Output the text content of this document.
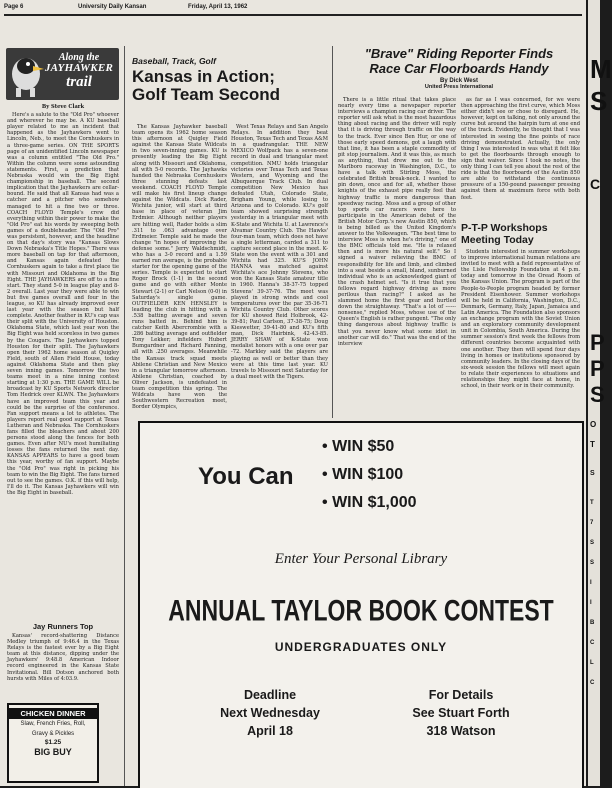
Page 6	University Daily Kansan	Friday, April 13, 1962
Along the
JAYHAWKER
trail
By Steve Clark

Here's a salute to the "Old Pro" whoever and wherever he may be. A KU baseball player related to me an incident that happened as the Jayhawkers went to Lincoln, Neb., to meet the Cornhuskers in a three-game series. ON THE SPORTS page of an unidentified Lincoln newspaper was a column entitled "The Old Pro." Within the column were some astounding statements. First, a prediction that Nebraska would win the Big Eight championship in baseball. The second implication that the Jayhawkers are cellar-bound. He said that all Kansas had was a catcher and a pitcher who somehow managed to hit a fine two or three. COACH FLOYD Temple's crew did everything within their power to make the "Old Pro" eat his words by sweeping both games of a doubleheader. The "Old Pro" was persistent, however, and the headline on that day's story was "Kansas Slows Down Nebraska's Title Hopes." There was more baseball on tap for that afternoon, and Kansas again defeated the Cornhuskers again to take a first place tie with Missouri and Oklahoma in the Big Eight. THE JAYHAWKERS are off to a fine start. They stand 5-0 in league play and 8-2 overall. Last year they were able to win but five games overall and four in the league, so KU has already improved over last year with the season but half complete. Another feather in KU's cap was their split with the University of Houston. Oklahoma State, which last year won the Big Eight was held scoreless in two games by the Cougars. The Jayhawkers topped Houston for their split. The Jayhawkers open their 1962 home season at Quigley Field, south of Allen Field House, today against Oklahoma State and then play seven inning games. Tomorrow the two teams meet in a nine inning contest starting at 1:30 p.m. THE GAME WILL be broadcast by KU Sports Network director Tom Hedrick over KLWN. The Jayhawkers have an improved team this year and could be the surprise of the conference. Fan support means a lot to athletes. The players report real good support at Texas Lutheran and Nebraska. The Cornhuskers fans filled the bleachers and about 200 persons stood along the fences for both games. Even after NU's most humiliating losses the fans returned the next day. KANSAS APPEARS to have a good team this year, worthy of fan support. Maybe the "Old Pro" was right in picking his team to win the Big Eight. The fans turned out to see the games. O.K. if this will help, I'll do it. The Kansas Jayhawkers will win the Big Eight in baseball.

Jay Runners Top

Kansas' record-shattering Distance Medley triumph of 9:46.4 in the Texas Relays is the fastest ever by a Big Eight team at this distance, dipping under the Jayhawkers' 9:48.8 American Indoor record engineered in the Kansas State Invitational. Bill Dotson anchored both hursts with Miles of 4:03.9.

CHICKEN DINNER
Slaw, French Fries, Roll,
Gravy & Pickles
$1.25
BIG BUY
Baseball, Track, Golf
Kansas in Action;
Golf Team Second

The Kansas Jayhawker baseball team opens its 1962 home season this afternoon at Quigley Field against the Kansas State Wildcats in two seven-inning games. KU is presently leading the Big Eight along with Missouri and Oklahoma, all with 5-0 records. The Jayhawks handed the Nebraska Cornhuskers three stunning defeats last weekend. COACH FLOYD Temple will make his first lineup change against the Wildcats. Dick Rader, Wichita junior, will start at third base in place of veteran Jim Erdmier. Although neither players are hitting well, Rader holds a slim .311 to .063 advantage over Erdmeier. Temple said he made the change "in hopes of improving the defense some." Jerry Waldschmidt, who has a 3-0 record and a 1.59 earned run average, is the probable starter for the opening game of the series. Temple is expected to start Roger Brock (1-1) in the second game and go with either Monte Stewart (2-1) or Carl Nelson (0-0) in Saturday's single game. OUTFIELDER KEN HENSLEY is leading the club in hitting with a .538 batting average and seven runs batted in. Behind him is catcher Keith Abercrombie with a .286 batting average and outfielder Tony Lekker; infielders Hubert Bumgardner and Richard Fanning, all with .250 averages. Meanwhile the Kansas track squad meets Abilene Christian and New Mexico in a triangular tomorrow afternoon. Abilene Christian, coached by Oliver Jackson, is undefeated in team competition this spring. The Wildcats have won the Southwestern Recreation meet, Border Olympics,

West Texas Relays and San Angelo Relays. In addition they beat Houston, Texas Tech and Texas A&M in a quadrangular. THE NEW MEXICO Wolfpack has a seven-one record in dual and triangular meet competition. NMU holds triangular victories over Texas Tech and Texas Western, and Wyoming and the Albuquerque Track Club. In dual competition New Mexico has defeated Utah, Colorado State, Brigham Young, while losing to Arizona and to Colorado. KU's golf team showed surprising strength yesterday in a triangular meet with K-State and Wichita U. at Lawrence's Alvamar Country Club. The Hawks' four-man team, which does not have a single letterman, carded a 311 to capture second place in the meet. K-State won the event with a 301 and Wichita had 325. KU'S JOHN HANNA was matched against Wichita's ace Johnny Stevens, who won the Kansas State amateur title in 1960. Hanna's 38-37-75 topped Stevens' 39-37-76. The meet was played in strong winds and cool temperatures over the par 35-36-71 Wichita Country Club. Other scores for KU showed Reid Holbrook, 42-39-81; Paul Carlson, 37-38-75; Doug Kieswetter, 39-41-80 and KU's fifth man, Dick Hairbink, 42-43-85. JERRY SHAW of K-State won medalist honors with a one over par -72. Markley said the players are playing as well or better than they were at this time last year. KU travels to Missouri next Saturday for a dual meet with the Tigers.

"Brave" Riding Reporter Finds
Race Car Floorboards Handy
By Dick West
United Press International

There is a little ritual that takes place nearly every time a newspaper reporter interviews a champion racing car driver. The reporter will ask what is the most hazardous thing about racing and the driver will reply that it is driving through traffic on the way to the track. Ever since Ben Hur, or one of those early speed demons, got a laugh with that line, it has been a staple commodity of pit stop journalism. And it was this, as much as anything, that drew me out to the Marlboro raceway in Washington, D.C., to have a talk with Stirling Moss, the celebrated British break-neck. I wanted to pin down, once and for all, whether those knights of the exhaust pipe really feel that highway traffic is more dangerous than speedway racing. Moss and a group of other top sports car racers were here to participate in the American debut of the British Motor Corp.'s new Austin 850, which is being billed as the United Kingdom's answer to the Volkswagen. "The best time to interview Moss is when he's driving," one of the BMC officials told me. "He is relaxed then and is more his natural self." So I signed a waiver relieving the BMC of responsibility for life and limb, and climbed into a seat beside a small, bland, sunburned individual who is an acknowledged giant of the crash helmet set. "Is it true that you fellows regard highway driving as more perilous than racing?" I asked as he slammed home the first gear and hurtled down the straightaway. "That's a lot of ------ nonsense," replied Moss, whose use of the Queen's English is rather pungent. "The only thing dangerous about highway traffic is that you never know what some idiot in another car will do." That was the end of the interview

as far as I was concerned, for we were then approaching the first curve, which Moss either didn't see or chose to disregard. He, however, kept on talking, not only around the curve but around the hairpin turn at one end of the track. Evidently, he thought that I was interested in seeing the fine points of race driving demonstrated. Actually, the only thing I was interested in was what it felt like to get the floorboards through enough to sign that waiver. Since I took no notes, the only thing I can tell you about the rest of the ride is that the floorboards of the Austin 850 are able to withstand the continuous pressure of a 150-pound passenger pressing against them at maximum force with both feet.

P-T-P Workshops
Meeting Today

Students interested in summer workshops to improve international human relations are invited to meet with a field representative of the Lisle Fellowship Foundation at 4 p.m. today and tomorrow in the Oread Room of the Kansas Union. The program is part of the People-to-People program headed by former President Eisenhower. Summer workshops will be held in California, Washington, D.C., Denmark, Germany, Italy, Japan, Jamaica and Latin America. The Foundation also sponsors an exchange program with the Soviet Union and an exploratory community development unit in Colombia, South America. During the summer session's first week the fellows from different countries become acquainted with one another. They then will spend four days living in homes or institutions sponsored by community leaders. In the closing days of the six-week session the fellows will meet again to relate their experiences to situations and relationships they might face at home, in school, in their work or in their community.

You Can
• WIN $50
• WIN $100
• WIN $1,000
Enter Your Personal Library
ANNUAL TAYLOR BOOK CONTEST
UNDERGRADUATES ONLY
Deadline
Next Wednesday
April 18
For Details
See Stuart Forth
318 Watson
M
S
C
P
P
S
O
T
S
T
7
S
S
I
I
B
C
L
C
